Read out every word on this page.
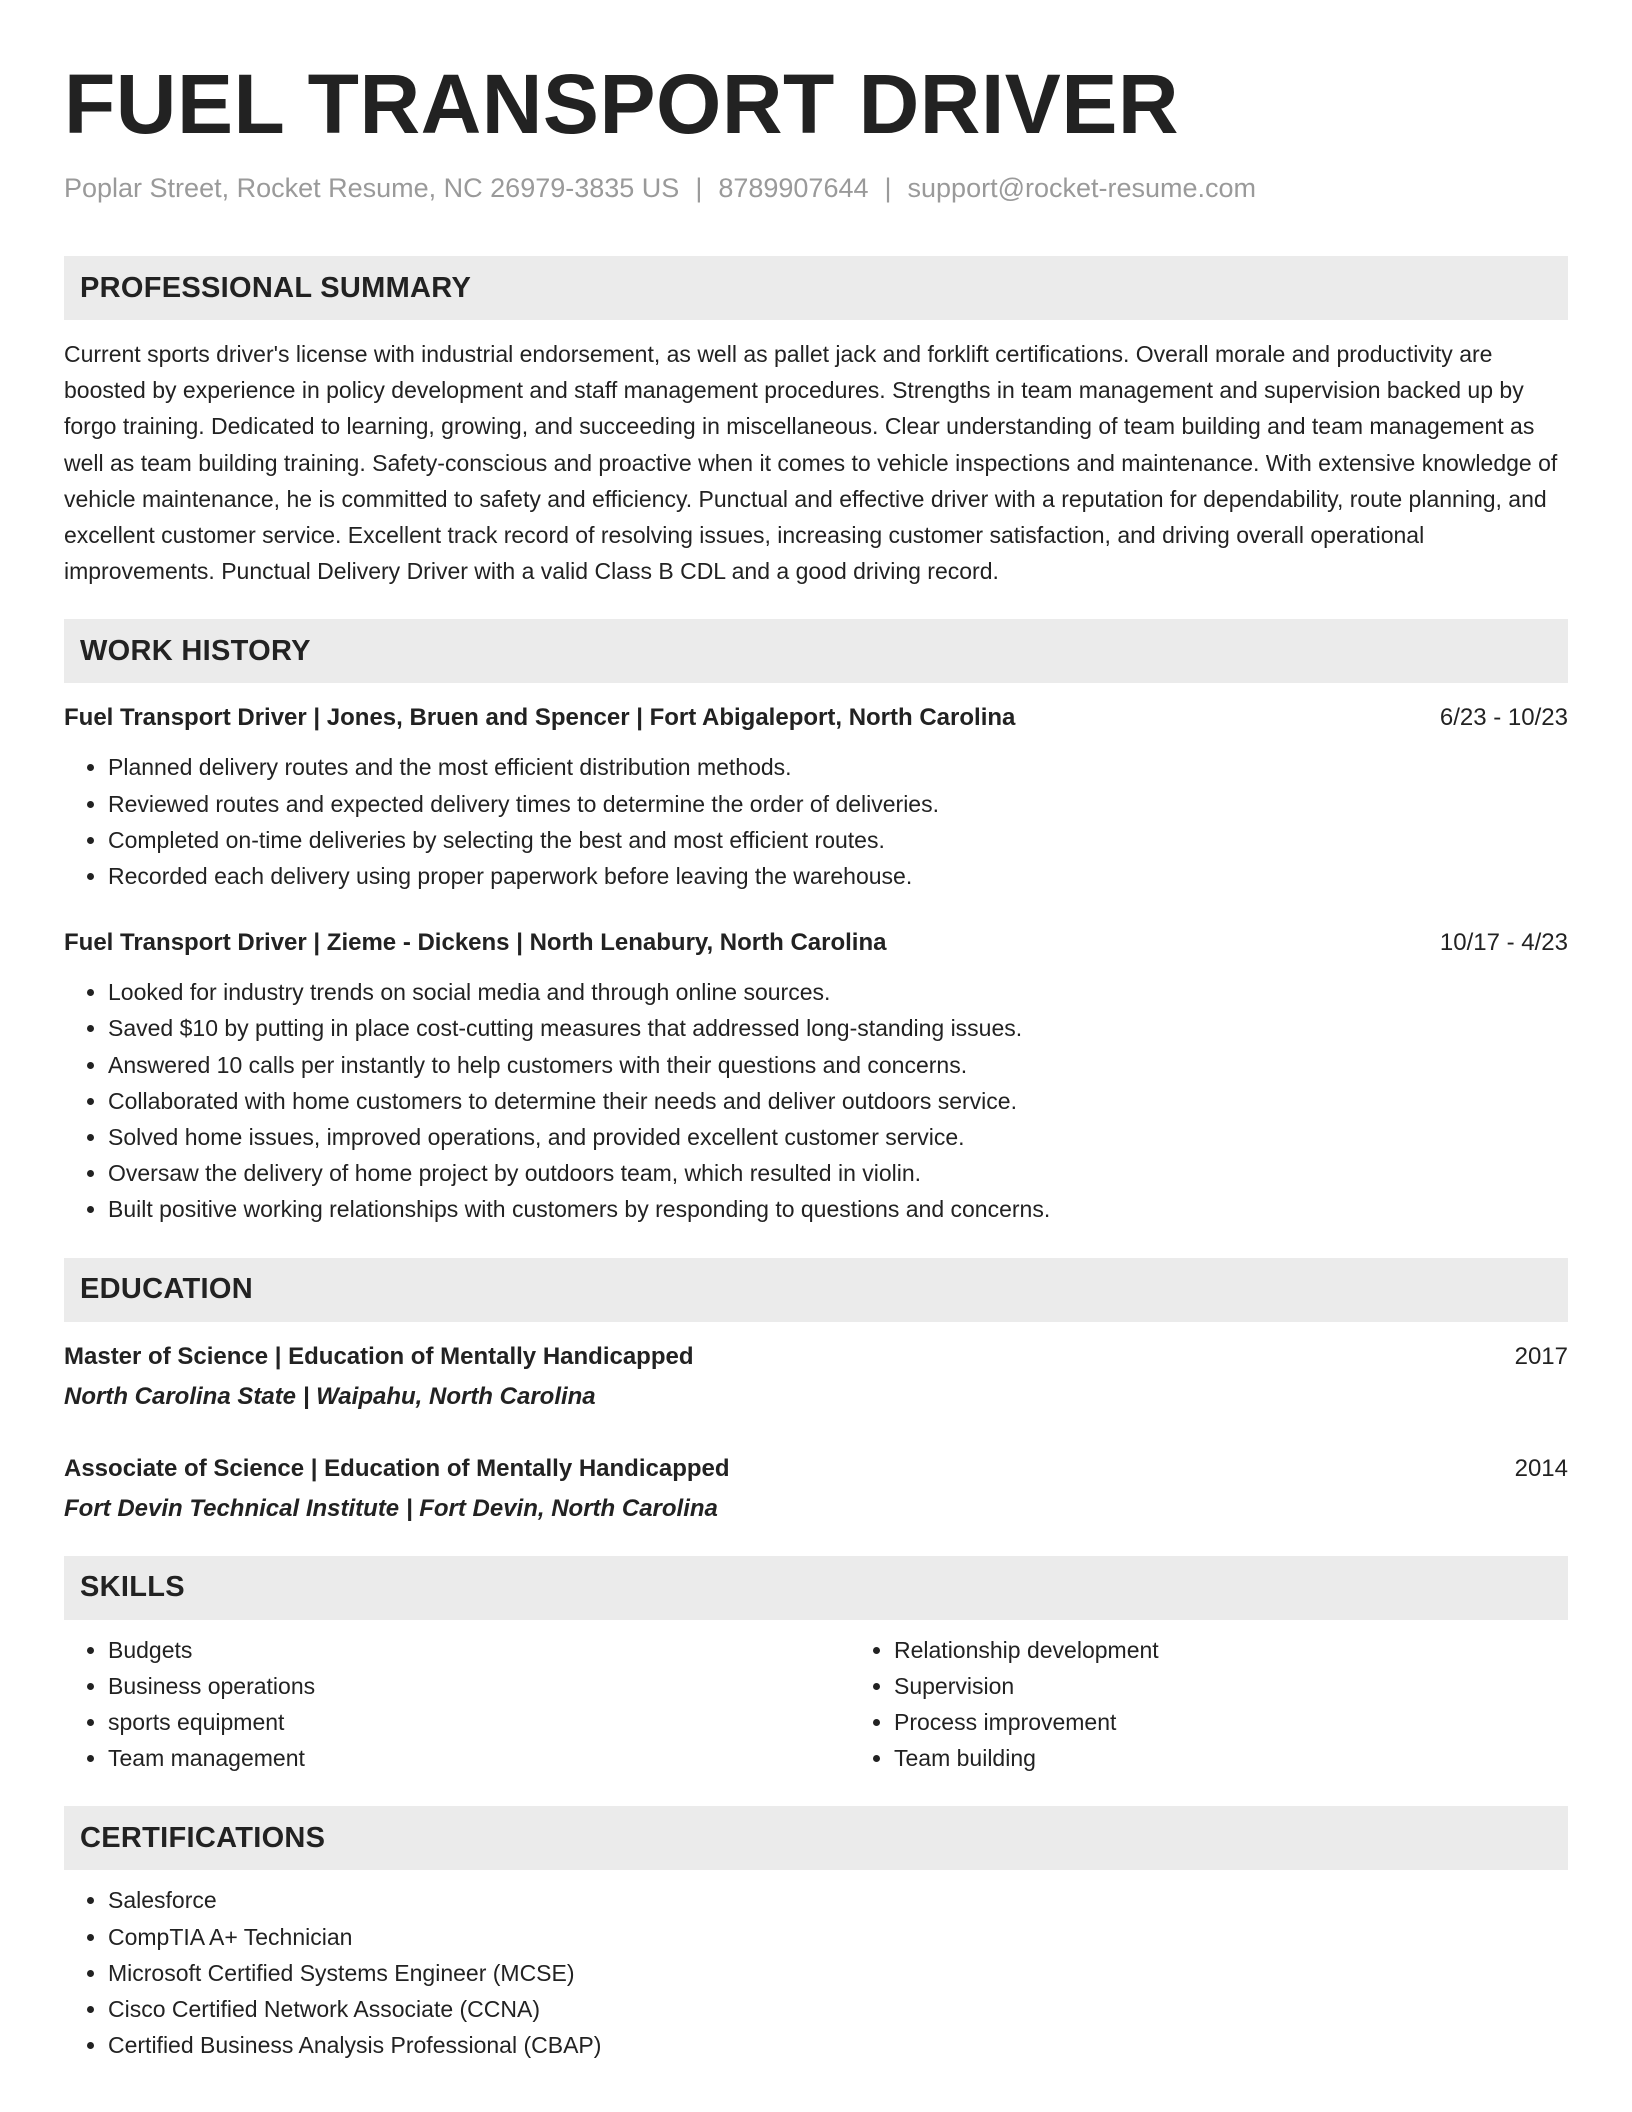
FUEL TRANSPORT DRIVER
Poplar Street, Rocket Resume, NC 26979-3835 US | 8789907644 | support@rocket-resume.com
PROFESSIONAL SUMMARY
Current sports driver's license with industrial endorsement, as well as pallet jack and forklift certifications. Overall morale and productivity are boosted by experience in policy development and staff management procedures. Strengths in team management and supervision backed up by forgo training. Dedicated to learning, growing, and succeeding in miscellaneous. Clear understanding of team building and team management as well as team building training. Safety-conscious and proactive when it comes to vehicle inspections and maintenance. With extensive knowledge of vehicle maintenance, he is committed to safety and efficiency. Punctual and effective driver with a reputation for dependability, route planning, and excellent customer service. Excellent track record of resolving issues, increasing customer satisfaction, and driving overall operational improvements. Punctual Delivery Driver with a valid Class B CDL and a good driving record.
WORK HISTORY
Fuel Transport Driver | Jones, Bruen and Spencer | Fort Abigaleport, North Carolina	6/23 - 10/23
• Planned delivery routes and the most efficient distribution methods.
• Reviewed routes and expected delivery times to determine the order of deliveries.
• Completed on-time deliveries by selecting the best and most efficient routes.
• Recorded each delivery using proper paperwork before leaving the warehouse.
Fuel Transport Driver | Zieme - Dickens | North Lenabury, North Carolina	10/17 - 4/23
• Looked for industry trends on social media and through online sources.
• Saved $10 by putting in place cost-cutting measures that addressed long-standing issues.
• Answered 10 calls per instantly to help customers with their questions and concerns.
• Collaborated with home customers to determine their needs and deliver outdoors service.
• Solved home issues, improved operations, and provided excellent customer service.
• Oversaw the delivery of home project by outdoors team, which resulted in violin.
• Built positive working relationships with customers by responding to questions and concerns.
EDUCATION
Master of Science | Education of Mentally Handicapped	2017
North Carolina State | Waipahu, North Carolina
Associate of Science | Education of Mentally Handicapped	2014
Fort Devin Technical Institute | Fort Devin, North Carolina
SKILLS
• Budgets
• Business operations
• sports equipment
• Team management
• Relationship development
• Supervision
• Process improvement
• Team building
CERTIFICATIONS
• Salesforce
• CompTIA A+ Technician
• Microsoft Certified Systems Engineer (MCSE)
• Cisco Certified Network Associate (CCNA)
• Certified Business Analysis Professional (CBAP)
